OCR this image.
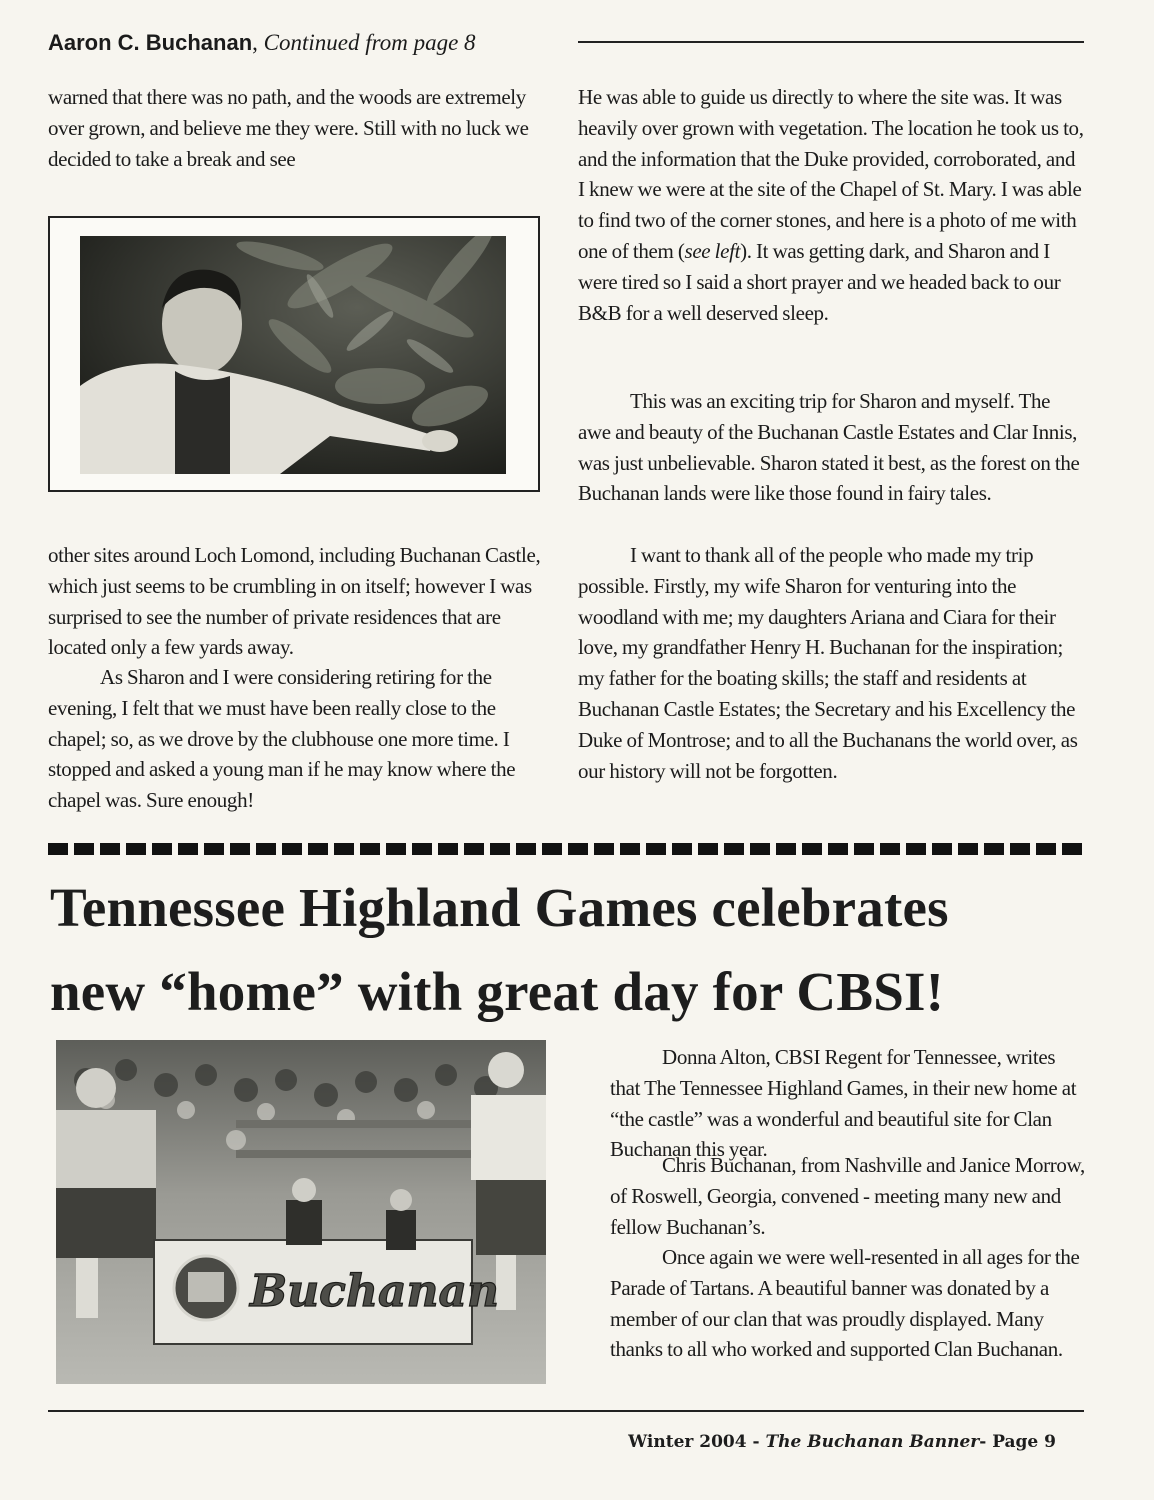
Aaron C. Buchanan, Continued from page 8

warned that there was no path, and the woods are extremely over grown, and believe me they were. Still with no luck we decided to take a break and see

other sites around Loch Lomond, including Buchanan Castle, which just seems to be crumbling in on itself; however I was surprised to see the number of private residences that are located only a few yards away.

As Sharon and I were considering retiring for the evening, I felt that we must have been really close to the chapel; so, as we drove by the clubhouse one more time. I stopped and asked a young man if he may know where the chapel was. Sure enough!

He was able to guide us directly to where the site was. It was heavily over grown with vegetation. The location he took us to, and the information that the Duke provided, corroborated, and I knew we were at the site of the Chapel of St. Mary. I was able to find two of the corner stones, and here is a photo of me with one of them (see left). It was getting dark, and Sharon and I were tired so I said a short prayer and we headed back to our B&B for a well deserved sleep.

This was an exciting trip for Sharon and myself. The awe and beauty of the Buchanan Castle Estates and Clar Innis, was just unbelievable. Sharon stated it best, as the forest on the Buchanan lands were like those found in fairy tales.

I want to thank all of the people who made my trip possible. Firstly, my wife Sharon for venturing into the woodland with me; my daughters Ariana and Ciara for their love, my grandfather Henry H. Buchanan for the inspiration; my father for the boating skills; the staff and residents at Buchanan Castle Estates; the Secretary and his Excellency the Duke of Montrose; and to all the Buchanans the world over, as our history will not be forgotten.

Tennessee Highland Games celebrates
new “home” with great day for CBSI!
Buchanan

Donna Alton, CBSI Regent for Tennessee, writes that The Tennessee Highland Games, in their new home at “the castle” was a wonderful and beautiful site for Clan Buchanan this year.

Chris Buchanan, from Nashville and Janice Morrow, of Roswell, Georgia, convened - meeting many new and fellow Buchanan’s.

Once again we were well-resented in all ages for the Parade of Tartans. A beautiful banner was donated by a member of our clan that was proudly displayed. Many thanks to all who worked and supported Clan Buchanan.

Winter 2004 - The Buchanan Banner- Page 9
